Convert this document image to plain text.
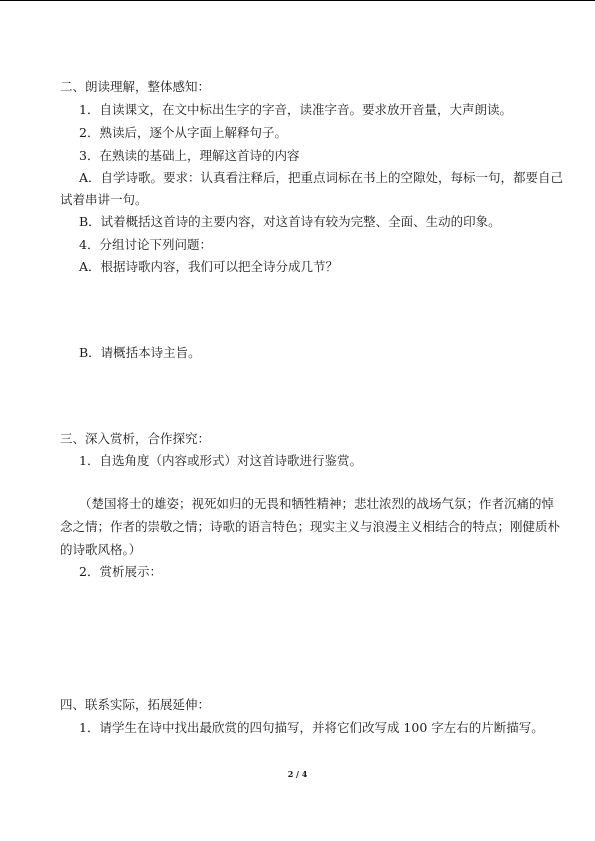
二、朗读理解，整体感知：
1．自读课文，在文中标出生字的字音，读准字音。要求放开音量，大声朗读。
2．熟读后，逐个从字面上解释句子。
3．在熟读的基础上，理解这首诗的内容
A．自学诗歌。要求：认真看注释后，把重点词标在书上的空隙处，每标一句，都要自己
试着串讲一句。
B．试着概括这首诗的主要内容，对这首诗有较为完整、全面、生动的印象。
4．分组讨论下列问题：
A．根据诗歌内容，我们可以把全诗分成几节？
B．请概括本诗主旨。
三、深入赏析，合作探究：
1．自选角度（内容或形式）对这首诗歌进行鉴赏。
（楚国将士的雄姿；视死如归的无畏和牺牲精神；悲壮浓烈的战场气氛；作者沉痛的悼
念之情；作者的崇敬之情；诗歌的语言特色；现实主义与浪漫主义相结合的特点；刚健质朴
的诗歌风格。）
2．赏析展示：
四、联系实际，拓展延伸：
1．请学生在诗中找出最欣赏的四句描写，并将它们改写成 100 字左右的片断描写。
2 / 4
